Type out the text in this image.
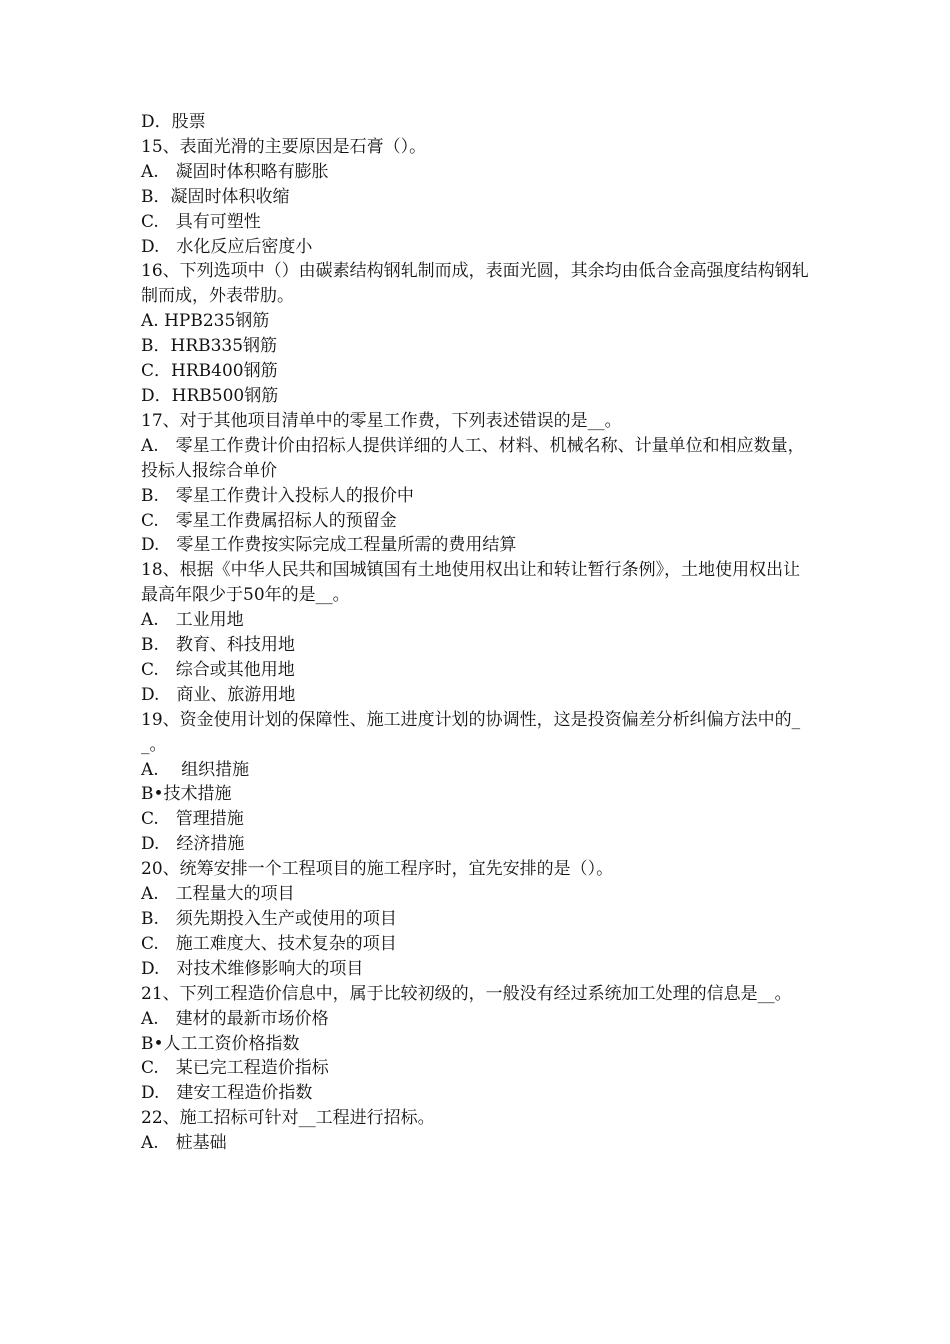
D．股票

15、表面光滑的主要原因是石膏（）。

A.　凝固时体积略有膨胀

B．凝固时体积收缩

C.　具有可塑性

D.　水化反应后密度小

16、下列选项中（）由碳素结构钢轧制而成，表面光圆，其余均由低合金高强度结构钢轧制而成，外表带肋。

A. HPB235钢筋

B．HRB335钢筋

C．HRB400钢筋

D．HRB500钢筋

17、对于其他项目清单中的零星工作费，下列表述错误的是__。

A.　零星工作费计价由招标人提供详细的人工、材料、机械名称、计量单位和相应数量，投标人报综合单价

B.　零星工作费计入投标人的报价中

C.　零星工作费属招标人的预留金

D.　零星工作费按实际完成工程量所需的费用结算

18、根据《中华人民共和国城镇国有土地使用权出让和转让暂行条例》，土地使用权出让最高年限少于50年的是__。

A.　工业用地

B.　教育、科技用地

C.　综合或其他用地

D.　商业、旅游用地

19、资金使用计划的保障性、施工进度计划的协调性，这是投资偏差分析纠偏方法中的__。

A.　 组织措施

B•技术措施

C.　管理措施

D.　经济措施

20、统筹安排一个工程项目的施工程序时，宜先安排的是（）。

A.　工程量大的项目

B.　须先期投入生产或使用的项目

C.　施工难度大、技术复杂的项目

D.　对技术维修影响大的项目

21、下列工程造价信息中，属于比较初级的，一般没有经过系统加工处理的信息是__。

A.　建材的最新市场价格

B•人工工资价格指数

C.　某已完工程造价指标

D.　建安工程造价指数

22、施工招标可针对__工程进行招标。

A.　桩基础
